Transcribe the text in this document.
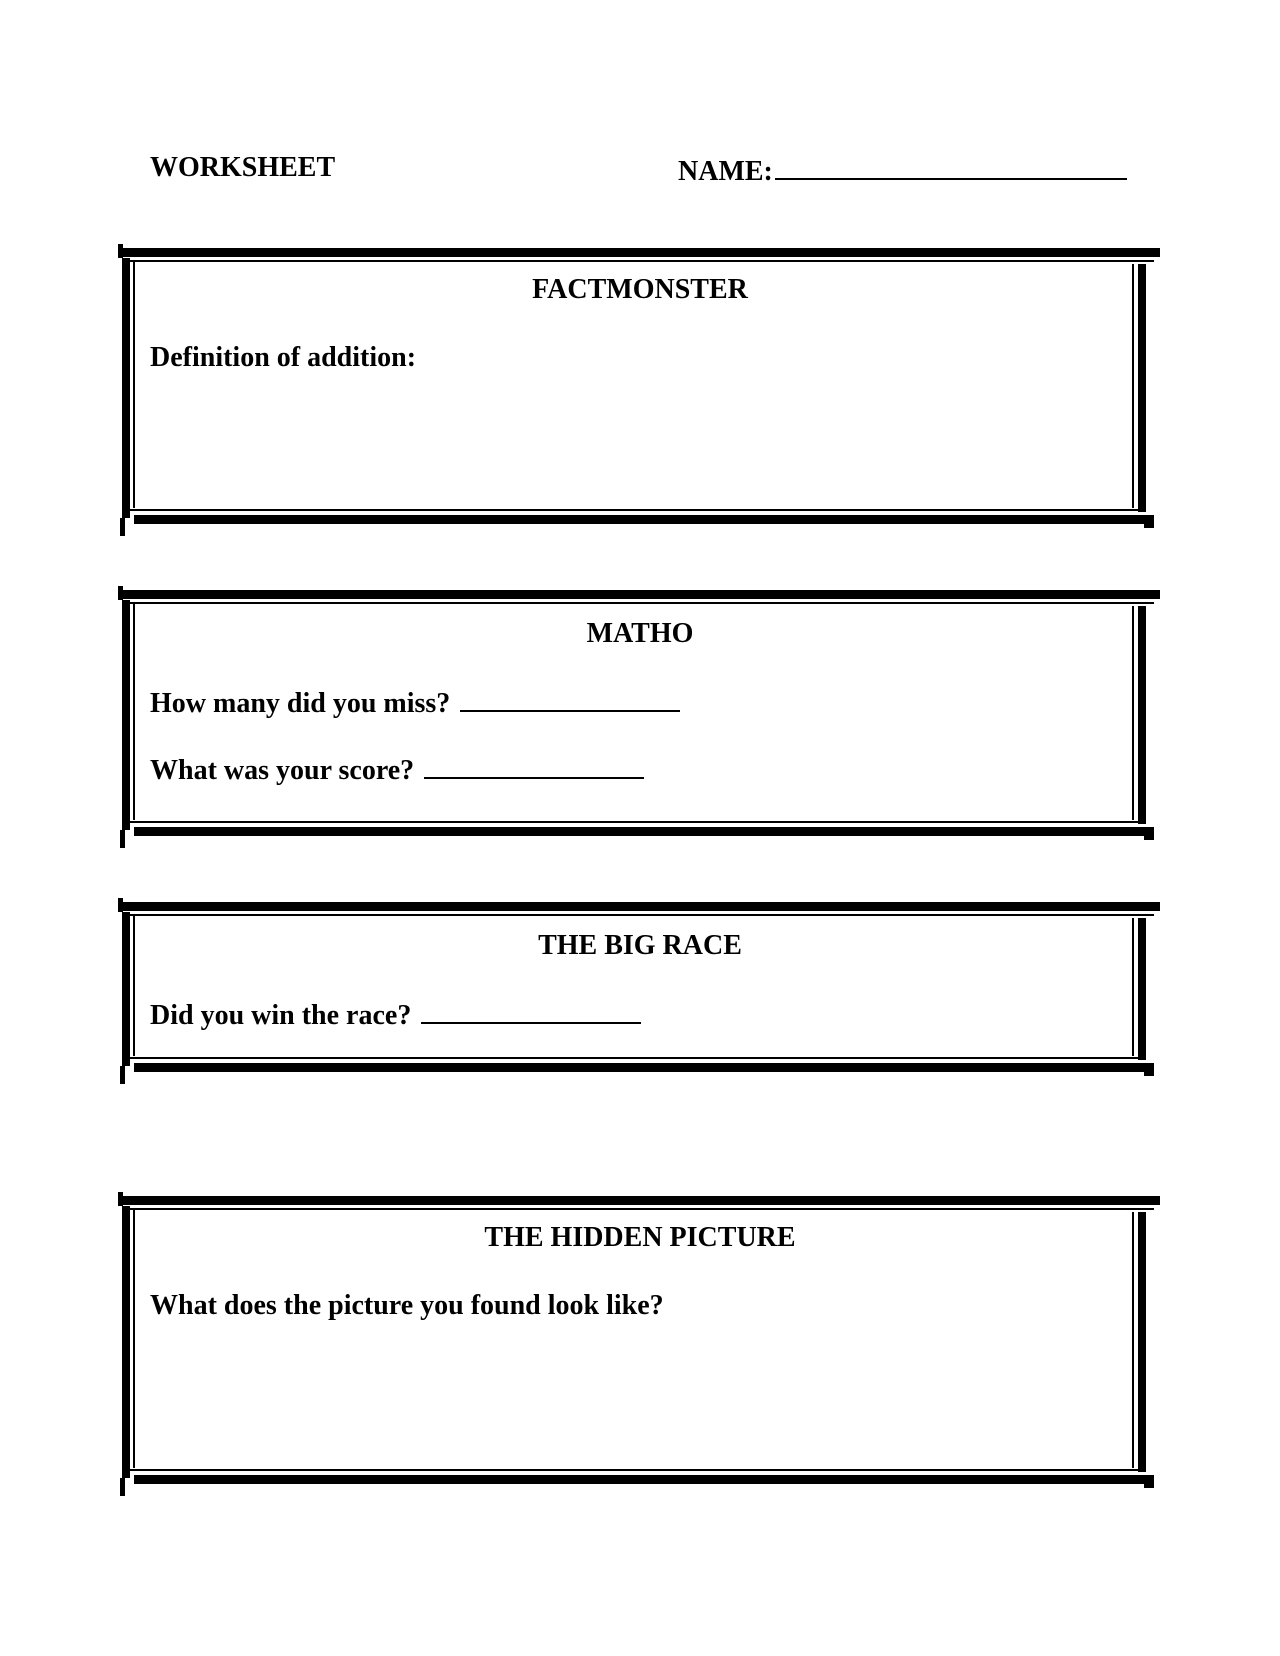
WORKSHEET	NAME:
FACTMONSTER
Definition of addition:
MATHO
How many did you miss?
What was your score?
THE BIG RACE
Did you win the race?
THE HIDDEN PICTURE
What does the picture you found look like?
